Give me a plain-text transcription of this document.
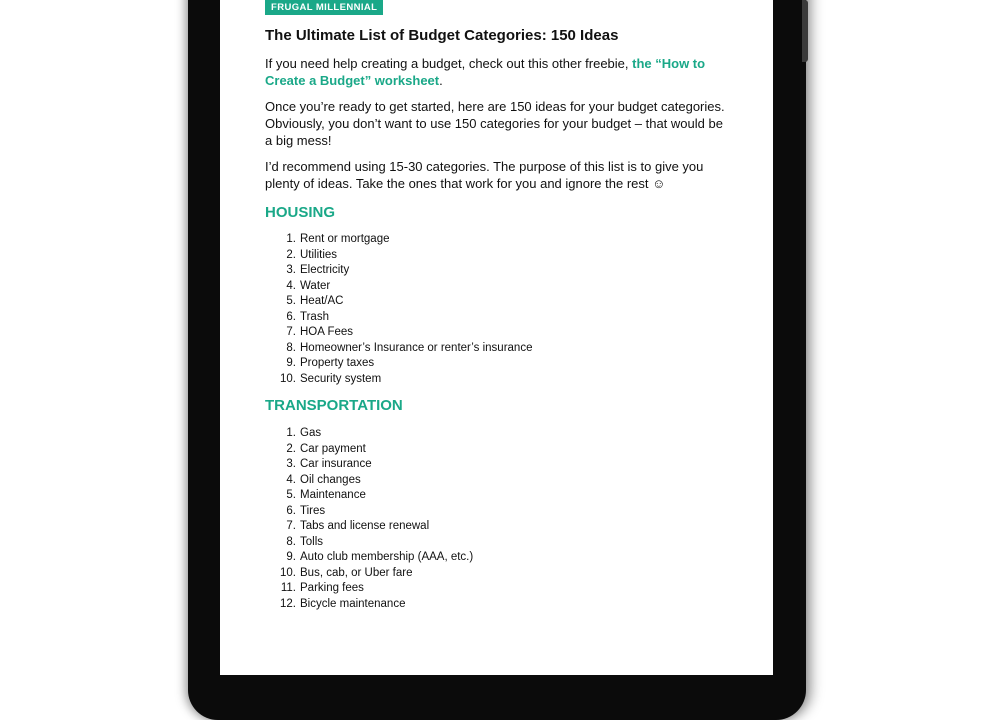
FRUGAL MILLENNIAL
The Ultimate List of Budget Categories: 150 Ideas

If you need help creating a budget, check out this other freebie, the “How to
Create a Budget” worksheet.

Once you’re ready to get started, here are 150 ideas for your budget categories.
Obviously, you don’t want to use 150 categories for your budget – that would be
a big mess!

I’d recommend using 15-30 categories. The purpose of this list is to give you
plenty of ideas. Take the ones that work for you and ignore the rest ☺

HOUSING
1. Rent or mortgage
2. Utilities
3. Electricity
4. Water
5. Heat/AC
6. Trash
7. HOA Fees
8. Homeowner’s Insurance or renter’s insurance
9. Property taxes
10. Security system
TRANSPORTATION
1. Gas
2. Car payment
3. Car insurance
4. Oil changes
5. Maintenance
6. Tires
7. Tabs and license renewal
8. Tolls
9. Auto club membership (AAA, etc.)
10. Bus, cab, or Uber fare
11. Parking fees
12. Bicycle maintenance
